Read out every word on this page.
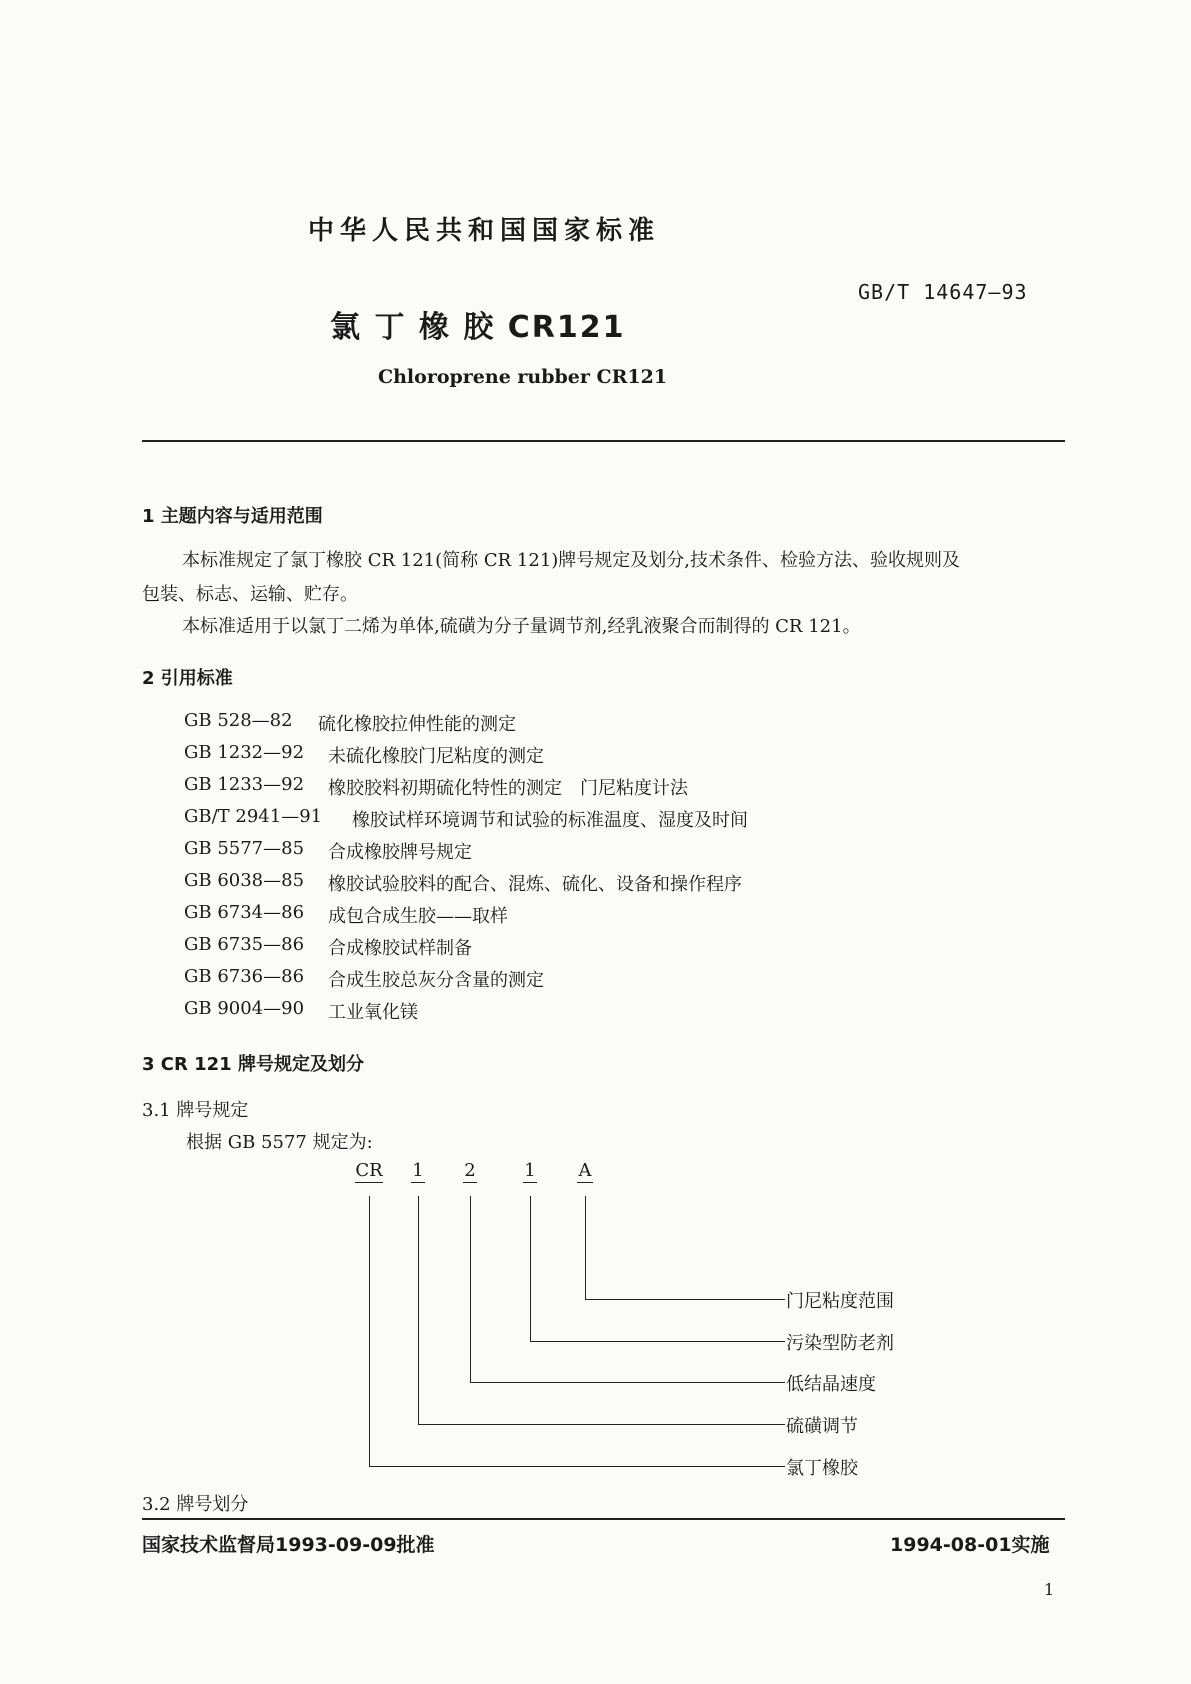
中华人民共和国国家标准
GB/T 14647—93
氯 丁 橡 胶 CR121
Chloroprene rubber CR121
1 主题内容与适用范围
本标准规定了氯丁橡胶 CR 121(简称 CR 121)牌号规定及划分,技术条件、检验方法、验收规则及
包装、标志、运输、贮存。
本标准适用于以氯丁二烯为单体,硫磺为分子量调节剂,经乳液聚合而制得的 CR 121。
2 引用标准
GB 528—82 硫化橡胶拉伸性能的测定
GB 1232—92 未硫化橡胶门尼粘度的测定
GB 1233—92 橡胶胶料初期硫化特性的测定　门尼粘度计法
GB/T 2941—91 橡胶试样环境调节和试验的标准温度、湿度及时间
GB 5577—85 合成橡胶牌号规定
GB 6038—85 橡胶试验胶料的配合、混炼、硫化、设备和操作程序
GB 6734—86 成包合成生胶——取样
GB 6735—86 合成橡胶试样制备
GB 6736—86 合成生胶总灰分含量的测定
GB 9004—90 工业氧化镁
3 CR 121 牌号规定及划分
3.1 牌号规定
根据 GB 5577 规定为:
CR 1 2	1 A
门尼粘度范围
污染型防老剂
低结晶速度
硫磺调节
氯丁橡胶
3.2 牌号划分
国家技术监督局1993-09-09批准	1994-08-01实施
1
